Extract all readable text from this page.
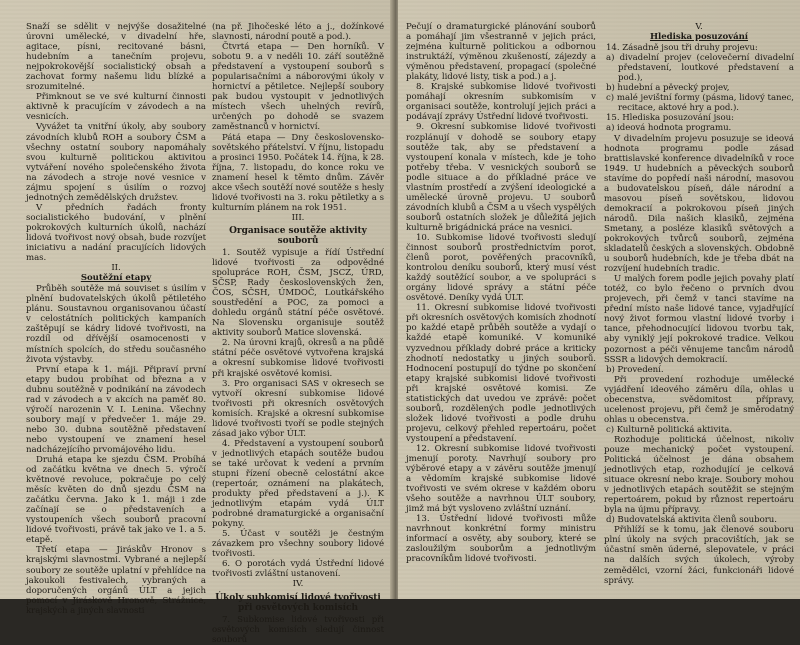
Snaží se sdělit v nejvýše dosažitelné úrovni umělecké, v divadelní hře, agitace, písni, recitované básni, hudebním a tanečním projevu, nejpokrokovější socialistický obsah a zachovat formy našemu lidu blízké a srozumitelné.

Přimknout se ve své kulturní činnosti aktivně k pracujícím v závodech a na vesnicích.

Vyvážet ta vnitřní úkoly, aby soubory závodních klubů ROH a soubory ČSM a všechny ostatní soubory napomáhaly svou kulturně politickou aktivitou vytváření nového společenského života na závodech a stroje nové vesnice v zájmu spojení s úsilím o rozvoj jednotných zemědělských družstev.

V předních řadách fronty socialistického budování, v plnění pokrokových kulturních úkolů, nachází lidová tvořivost nový obsah, bude rozvíjet iniciativu a nadání pracujících lidových mas.

II.
Soutěžní etapy

Průběh soutěže má souviset s úsilím v plnění budovatelských úkolů pětiletého plánu. Soustavnou organisovanou účastí v celostátních politických kampaních zaštěpují se kádry lidové tvořivosti, na rozdíl od dřívější osamocenosti v místních spolcích, do středu současného života výstavby.

První etapa k 1. máji. Připraví první etapy budou probíhat od března a v dubnu soutěžně v podnikání na závodech rad v závodech a v akcích na paměť 80. výročí narozenin V. I. Lenina. Všechny soubory mají v předvečer 1. máje 29. nebo 30. dubna soutěžně představení nebo vystoupení ve znamení hesel nadcházejícího prvomájového lidu.

Druhá etapa ke sjezdu ČSM. Probíhá od začátku května ve dnech 5. výročí květnové revoluce, pokračuje po celý měsíc květen do dnů sjezdu ČSM na začátku června. Jako k 1. máji i zde začínají se o představeních a vystoupeních všech souborů pracovní lidové tvořivosti, právě tak jako ve 1. a 5. etapě.

Třetí etapa — Jiráskův Hronov s krajskými slavnostmi. Vybrané a nejlepší soubory ze soutěže uplatní v přehlídce na jakoukoli festivalech, vybraných a doporučených orgánů ÚLT a jejich pomocí v Jiráskově Hronově, Strážnice, krajských a jiných slavnosti

(na př. Jihočeské léto a j., dožínkové slavnosti, národní poutě a pod.).

Čtvrtá etapa — Den horníků. V sobotu 9. a v neděli 10. září soutěžně představení a vystoupení souborů s popularisačními a náborovými úkoly v hornictví a pětiletce. Nejlepší soubory pak budou vystoupit v jednotlivých místech všech uhelných revírů, určených po dohodě se svazem zaměstnanců v hornictví.

Pátá etapa — Dny československo-sovětského přátelství. V říjnu, listopadu a prosinci 1950. Počátek 14. října, k 28. října, 7. listopadu, do konce roku ve znamení hesel k těmto dnům. Závěr akce všech soutěží nové soutěže s hesly lidové tvořivosti na 3. roku pětiletky a s kulturním plánem na rok 1951.

III.
Organisace soutěže aktivity souborů

1. Soutěž vypisuje a řídí Ústřední lidové tvořivosti za odpovědné spolupráce ROH, ČSM, JSCZ, ÚRD, SČSP, Rady československých žen, ČOS, SČSH, ÚMDOČ, Loutkářského soustředění a POC, za pomoci a dohledu orgánů státní péče osvětové. Na Slovensku organisuje soutěž aktivity souborů Matice slovenská.

2. Na úrovni krajů, okresů a na půdě státní péče osvětové vytvořena krajská a okresní subkomise lidové tvořivosti při krajské osvětové komisi.

3. Pro organisaci SAS v okresech se vytvoří okresní subkomise lidové tvořivosti při okresních osvětových komisích. Krajské a okresní subkomise lidové tvořivosti tvoří se podle stejných zásad jako výbor ÚLT.

4. Představení a vystoupení souborů v jednotlivých etapách soutěže budou se také určovat k vedení a prvním stupni řízení obecně celostátní akce (repertoár, oznámení na plakátech, produkty před představení a j.). K jednotlivým etapám vydá ÚLT podrobné dramaturgické a organisační pokyny.

5. Účast v soutěži je čestným závazkem pro všechny soubory lidové tvořivosti.

6. O porotách vydá Ústřední lidové tvořivosti zvláštní ustanovení.

IV.
Úkoly subkomisí lidové tvořivosti při osvětových komisích

7. Subkomise lidové tvořivosti při osvětových komisích sledují činnost souborů

Pečují o dramaturgické plánování souborů a pomáhají jim všestranně v jejich práci, zejména kulturně politickou a odbornou instruktáží, výměnou zkušeností, zájezdy a výměnou představení, propagací (společné plakáty, lidové listy, tisk a pod.) a j.

8. Krajské subkomise lidové tvořivosti pomáhají okresním subkomisím v organisaci soutěže, kontrolují jejich práci a podávají zprávy Ústřední lidové tvořivosti.

9. Okresní subkomise lidové tvořivosti rozplánují v dohodě se soubory etapy soutěže tak, aby se představení a vystoupení konala v místech, kde je toho potřeby třeba. V vesnických souborů se podle situace a do příkladné práce ve vlastním prostředí a zvýšení ideologické a umělecké úrovně projevu. U souborů závodních klubů a ČSM a u všech vyspělých souborů ostatních složek je důležitá jejich kulturně brigádnická práce na vesnici.

10. Subkomise lidové tvořivosti sledují činnost souborů prostřednictvím porot, členů porot, pověřených pracovníků, kontrolou deníku souborů, který musí vést každý soutěžící soubor, a ve spolupráci s orgány lidové správy a státní péče osvětové. Deníky vydá ÚLT.

11. Okresní subkomise lidové tvořivosti při okresních osvětových komisích zhodnotí po každé etapě průběh soutěže a vydají o každé etapě komuniké. V komuniké vyzvednou příklady dobré práce a kriticky zhodnotí nedostatky u jiných souborů. Hodnocení postupují do týdne po skončení etapy krajské subkomisi lidové tvořivosti při krajské osvětové komisi. Ze statistických dat uvedou ve zprávě: počet souborů, rozdělených podle jednotlivých složek lidové tvořivosti a podle druhu projevu, celkový přehled repertoáru, počet vystoupení a představení.

12. Okresní subkomise lidové tvořivosti jmenují poroty. Navrhují soubory pro výběrové etapy a v závěru soutěže jmenují a vědomím krajské subkomise lidové tvořivosti ve svém okrese v každém oboru všeho soutěže a navrhnou ÚLT soubory, jimž má být vysloveno zvláštní uznání.

13. Ústřední lidové tvořivosti může navrhnout konkrétní formy ministru informací a osvěty, aby soubory, které se zasloužilým souborům a jednotlivým pracovníkům lidové tvořivosti.

V.
Hlediska posuzování
14. Zásadně jsou tři druhy projevu:
a) divadelní projev (celovečerní divadelní představení, loutkové představení a pod.),
b) hudební a pěvecký projev,
c) malé jevištní formy (pásma, lidový tanec, recitace, aktové hry a pod.).
15. Hlediska posuzování jsou:
a) ideová hodnota programu.

V divadelním projevu posuzuje se ideová hodnota programu podle zásad brattislavské konference divadelníků v roce 1949. U hudebních a pěveckých souborů stavíme do popředí naši národní, masovou a budovatelskou píseň, dále národní a masovou píseň sovětskou, lidovou demokracií a pokrokovou píseň jiných národů. Dila našich klasiků, zejména Smetany, a posléze klasiků světových a pokrokových tvůrců souborů, zejména skladatelů českých a slovenských. Obdobně u souborů hudebních, kde je třeba dbát na rozvíjení hudebních tradic.

U malých forem podle jejich povahy platí totéž, co bylo řečeno o prvních dvou projevech, při čemž v tanci stavíme na přední místo naše lidové tance, vyjadřující nový život formou vlastní lidové tvorby i tance, přehodnocující lidovou tvorbu tak, aby vyniklý její pokrokové tradice. Velkou pozornost a péči věnujeme tancům národů SSSR a lidových demokracií.

b) Provedení.

Při provedení rozhoduje umělecké vyjádření ideového záměru díla, ohlas u obecenstva, svědomitost přípravy, ucelenost projevu, při čemž je směrodatný ohlas u obecenstva.

c) Kulturně politická aktivita.

Rozhoduje politická účelnost, nikoliv pouze mechanický počet vystoupení. Politická účelnost je dána obsahem jednotlivých etap, rozhodující je celková situace okresní nebo kraje. Soubory mohou v jednotlivých etapách soutěžit se stejným repertoárem, pokud by různost repertoáru byla na újmu přípravy.

d) Budovatelská aktivita členů souboru.

Přihlíží se k tomu, jak členové souboru plní úkoly na svých pracovištích, jak se účastní směn úderné, slepovatele, v práci na dalších svých úkolech, výroby zemědělci, vzorní žáci, funkcionáři lidové správy.
